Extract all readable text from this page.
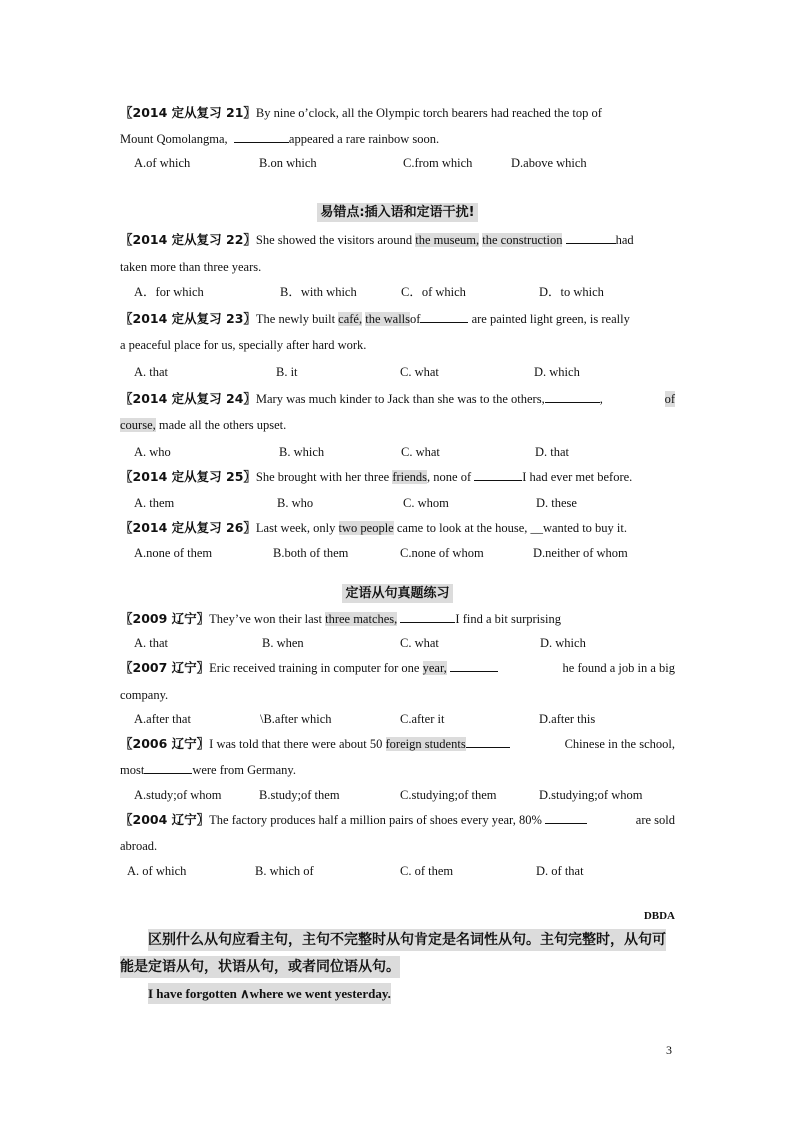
〖2014 定从复习 21〗By nine o’clock, all the Olympic torch bearers had reached the top of
Mount Qomolangma,	appeared a rare rainbow soon.
A.of which	B.on which	C.from which	D.above which
易错点:插入语和定语干扰!
〖2014 定从复习 22〗She showed the visitors around the museum, the construction	had
taken more than three years.
A．for which	B．with which	C．of which	D．to which
〖2014 定从复习 23〗The newly built café, the wallsof	are painted light green, is really
a peaceful place for us, specially after hard work.
A. that	B. it	C. what	D. which
〖2014 定从复习 24〗Mary was much kinder to Jack than she was to the others,	,	of
course, made all the others upset.
A. who	B. which	C. what	D. that
〖2014 定从复习 25〗She brought with her three friends, none of	I had ever met before.
A. them	B. who	C. whom	D. these
〖2014 定从复习 26〗Last week, only two people came to look at the house, __wanted to buy it.
A.none of them	B.both of them	C.none of whom	D.neither of whom
定语从句真题练习
〖2009 辽宁〗They’ve won their last three matches,	I find a bit surprising
A. that	B. when	C. what	D. which
〖2007 辽宁〗Eric received training in computer for one year,	he found a job in a big
company.
A.after that	\B.after which	C.after it	D.after this
〖2006 辽宁〗I was told that there were about 50 foreign students	Chinese in the school,
most	were from Germany.
A.study;of whom	B.study;of them	C.studying;of them	D.studying;of whom
〖2004 辽宁〗The factory produces half a million pairs of shoes every year, 80%	are sold
abroad.
A. of which	B. which of	C. of them	D. of that
DBDA
区别什么从句应看主句，主句不完整时从句肯定是名词性从句。主句完整时，从句可
能是定语从句，状语从句，或者同位语从句。
I have forgotten ∧where we went yesterday.
3
